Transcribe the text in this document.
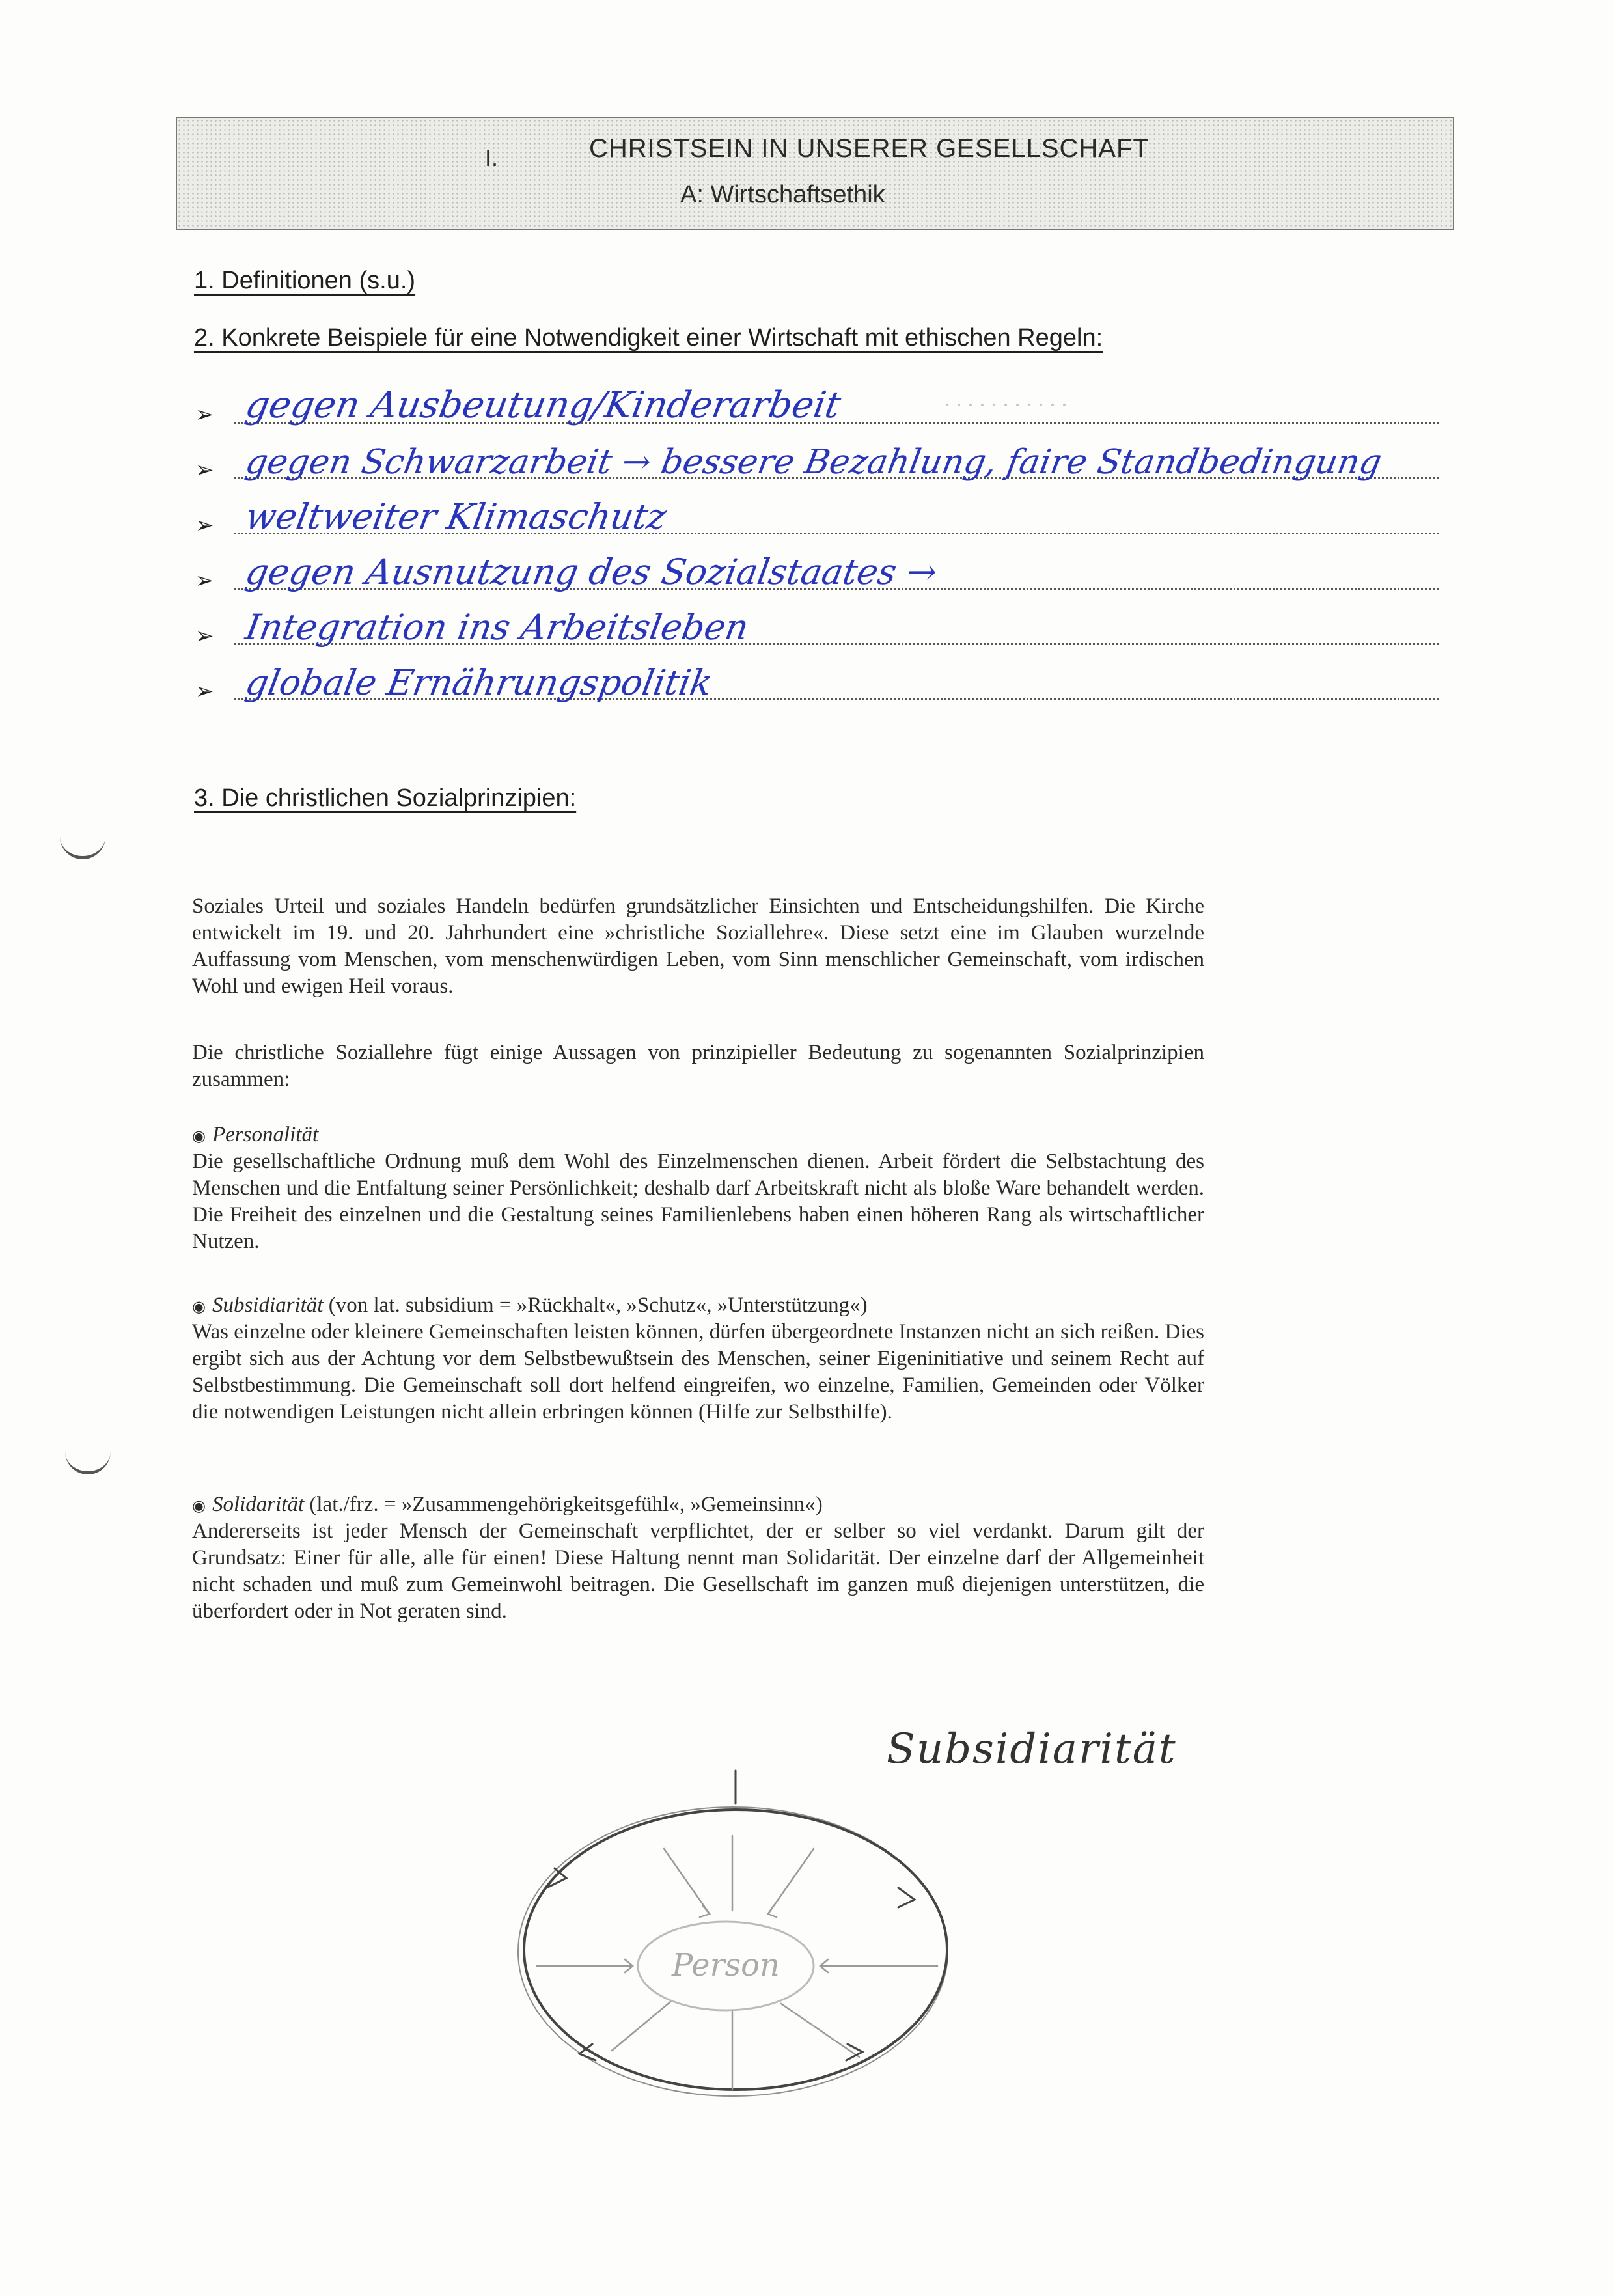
I.	CHRISTSEIN IN UNSERER GESELLSCHAFT
A: Wirtschaftsethik
1. Definitionen (s.u.)
2. Konkrete Beispiele für eine Notwendigkeit einer Wirtschaft mit ethischen Regeln:
➢ gegen Ausbeutung/Kinderarbeit	· · · · · · · · · · ·
➢ gegen Schwarzarbeit → bessere Bezahlung, faire Standbedingung
➢ weltweiter Klimaschutz
➢ gegen Ausnutzung des Sozialstaates →
➢ Integration ins Arbeitsleben
➢ globale Ernährungspolitik
3. Die christlichen Sozialprinzipien:
Soziales Urteil und soziales Handeln bedürfen grundsätzlicher Einsichten und Entscheidungshilfen. Die Kirche entwickelt im 19. und 20. Jahrhundert eine »christliche Soziallehre«. Diese setzt eine im Glauben wurzelnde Auffassung vom Menschen, vom menschenwürdigen Leben, vom Sinn menschlicher Gemeinschaft, vom irdischen Wohl und ewigen Heil voraus.
Die christliche Soziallehre fügt einige Aussagen von prinzipieller Bedeutung zu sogenannten Sozialprinzipien zusammen:
◉ Personalität
Die gesellschaftliche Ordnung muß dem Wohl des Einzelmenschen dienen. Arbeit fördert die Selbstachtung des Menschen und die Entfaltung seiner Persönlichkeit; deshalb darf Arbeitskraft nicht als bloße Ware behandelt werden. Die Freiheit des einzelnen und die Gestaltung seines Familienlebens haben einen höheren Rang als wirtschaftlicher Nutzen.
◉ Subsidiarität (von lat. subsidium = »Rückhalt«, »Schutz«, »Unterstützung«)
Was einzelne oder kleinere Gemeinschaften leisten können, dürfen übergeordnete Instanzen nicht an sich reißen. Dies ergibt sich aus der Achtung vor dem Selbstbewußtsein des Menschen, seiner Eigeninitiative und seinem Recht auf Selbstbestimmung. Die Gemeinschaft soll dort helfend eingreifen, wo einzelne, Familien, Gemeinden oder Völker die notwendigen Leistungen nicht allein erbringen können (Hilfe zur Selbsthilfe).
◉ Solidarität (lat./frz. = »Zusammengehörigkeitsgefühl«, »Gemeinsinn«)
Andererseits ist jeder Mensch der Gemeinschaft verpflichtet, der er selber so viel verdankt. Darum gilt der Grundsatz: Einer für alle, alle für einen! Diese Haltung nennt man Solidarität. Der einzelne darf der Allgemeinheit nicht schaden und muß zum Gemeinwohl beitragen. Die Gesellschaft im ganzen muß diejenigen unterstützen, die überfordert oder in Not geraten sind.
Person
Subsidiarität
